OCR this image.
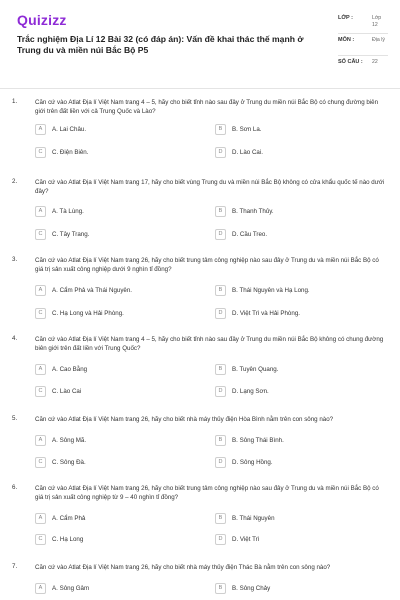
Quizizz
Trắc nghiệm Địa Lí 12 Bài 32 (có đáp án): Vấn đề khai thác thế mạnh ở Trung du và miền núi Bắc Bộ P5
LỚP :	Lớp 12
MÔN :	Địa lý
SỐ CÂU : 22
1.	Căn cứ vào Atlat Địa lí Việt Nam trang 4 – 5, hãy cho biết tỉnh nào sau đây ở Trung du miền núi Bắc Bộ có chung đường biên giới trên đất liền với cả Trung Quốc và Lào?
A	A. Lai Châu.	B	B. Sơn La.
C	C. Điện Biên.	D	D. Lào Cai.
2.	Căn cứ vào Atlat Địa lí Việt Nam trang 17, hãy cho biết vùng Trung du và miền núi Bắc Bộ không có cửa khẩu quốc tế nào dưới đây?
A	A. Tà Lùng.	B	B. Thanh Thủy.
C	C. Tây Trang.	D	D. Cầu Treo.
3.	Căn cứ vào Atlat Địa lí Việt Nam trang 26, hãy cho biết trung tâm công nghiệp nào sau đây ở Trung du và miền núi Bắc Bộ có giá trị sản xuất công nghiệp dưới 9 nghìn tỉ đồng?
A	A. Cẩm Phả và Thái Nguyên.	B	B. Thái Nguyên và Hạ Long.
C	C. Hạ Long và Hải Phòng.	D	D. Việt Trì và Hải Phòng.
4.	Căn cứ vào Atlat Địa lí Việt Nam trang 4 – 5, hãy cho biết tỉnh nào sau đây ở Trung du miền núi Bắc Bộ không có chung đường biên giới trên đất liền với Trung Quốc?
A	A. Cao Bằng	B	B. Tuyên Quang.
C	C. Lào Cai	D	D. Lạng Sơn.
5.	Căn cứ vào Atlat Địa lí Việt Nam trang 26, hãy cho biết nhà máy thủy điện Hòa Bình nằm trên con sông nào?
A	A. Sông Mã.	B	B. Sông Thái Bình.
C	C. Sông Đà.	D	D. Sông Hồng.
6.	Căn cứ vào Atlat Địa lí Việt Nam trang 26, hãy cho biết trung tâm công nghiệp nào sau đây ở Trung du và miền núi Bắc Bộ có giá trị sản xuất công nghiệp từ 9 – 40 nghìn tỉ đồng?
A	A. Cẩm Phả	B	B. Thái Nguyên
C	C. Hạ Long	D	D. Việt Trì
7.	Căn cứ vào Atlat Địa lí Việt Nam trang 26, hãy cho biết nhà máy thủy điện Thác Bà nằm trên con sông nào?
A	A. Sông Gâm	B	B. Sông Chảy
